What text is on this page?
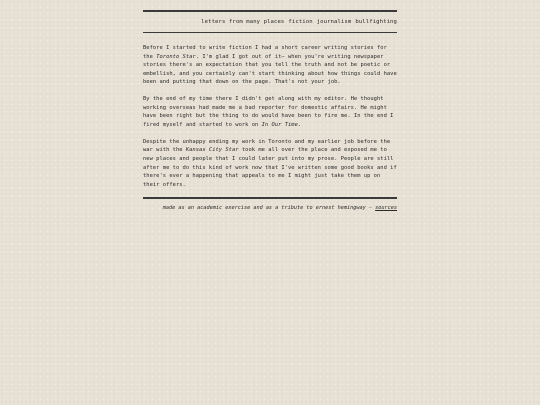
letters from many places fiction journalism bullfighting

Before I started to write fiction I had a short career writing stories for the Toronto Star. I'm glad I got out of it— when you're writing newspaper stories there's an expectation that you tell the truth and not be poetic or embellish, and you certainly can't start thinking about how things could have been and putting that down on the page. That's not your job.

By the end of my time there I didn't get along with my editor. He thought working overseas had made me a bad reporter for domestic affairs. He might have been right but the thing to do would have been to fire me. In the end I fired myself and started to work on In Our Time.

Despite the unhappy ending my work in Toronto and my earlier job before the war with the Kansas City Star took me all over the place and exposed me to new places and people that I could later put into my prose. People are still after me to do this kind of work now that I've written some good books and if there's ever a happening that appeals to me I might just take them up on their offers.

made as an academic exercise and as a tribute to ernest hemingway — sources
